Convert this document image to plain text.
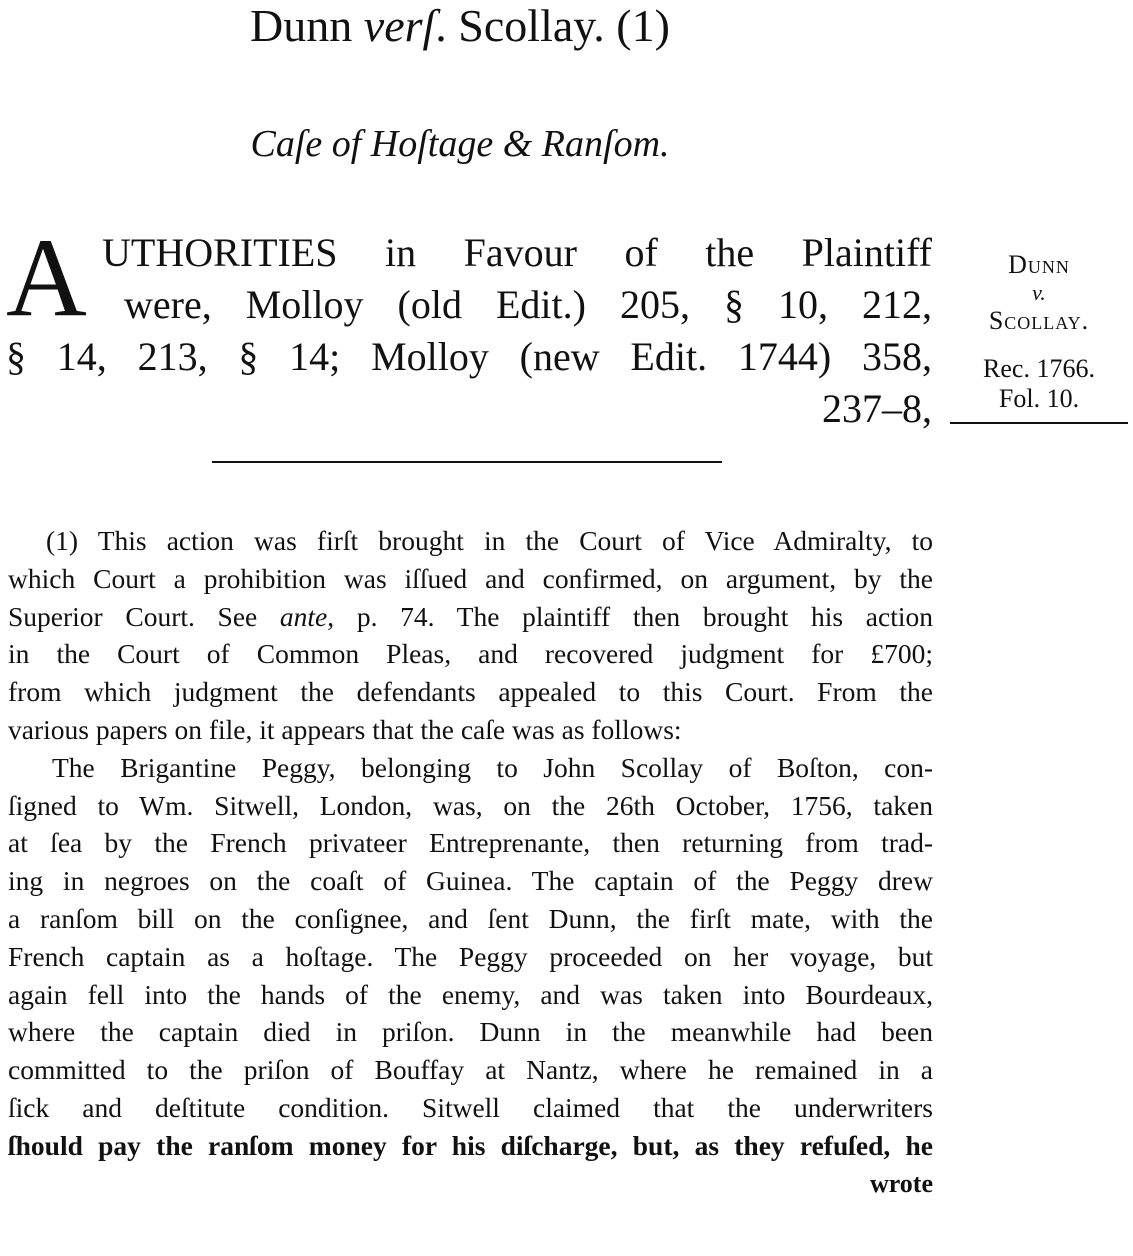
Dunn verſ. Scollay. (1)
Caſe of Hoſtage & Ranſom.
A UTHORITIES in Favour of the Plaintiff
were, Molloy (old Edit.) 205, § 10, 212,
§ 14, 213, § 14; Molloy (new Edit. 1744) 358,
237–8,
Dunn
v.
Scollay.
Rec. 1766.
Fol. 10.
(1) This action was firſt brought in the Court of Vice Admiralty, to
which Court a prohibition was iſſued and confirmed, on argument, by the
Superior Court. See ante, p. 74. The plaintiff then brought his action
in the Court of Common Pleas, and recovered judgment for £700;
from which judgment the defendants appealed to this Court. From the
various papers on file, it appears that the caſe was as follows:
The Brigantine Peggy, belonging to John Scollay of Boſton, con-
ſigned to Wm. Sitwell, London, was, on the 26th October, 1756, taken
at ſea by the French privateer Entreprenante, then returning from trad-
ing in negroes on the coaſt of Guinea. The captain of the Peggy drew
a ranſom bill on the conſignee, and ſent Dunn, the firſt mate, with the
French captain as a hoſtage. The Peggy proceeded on her voyage, but
again fell into the hands of the enemy, and was taken into Bourdeaux,
where the captain died in priſon. Dunn in the meanwhile had been
committed to the priſon of Bouffay at Nantz, where he remained in a
ſick and deſtitute condition. Sitwell claimed that the underwriters
ſhould pay the ranſom money for his diſcharge, but, as they refuſed, he
wrote
